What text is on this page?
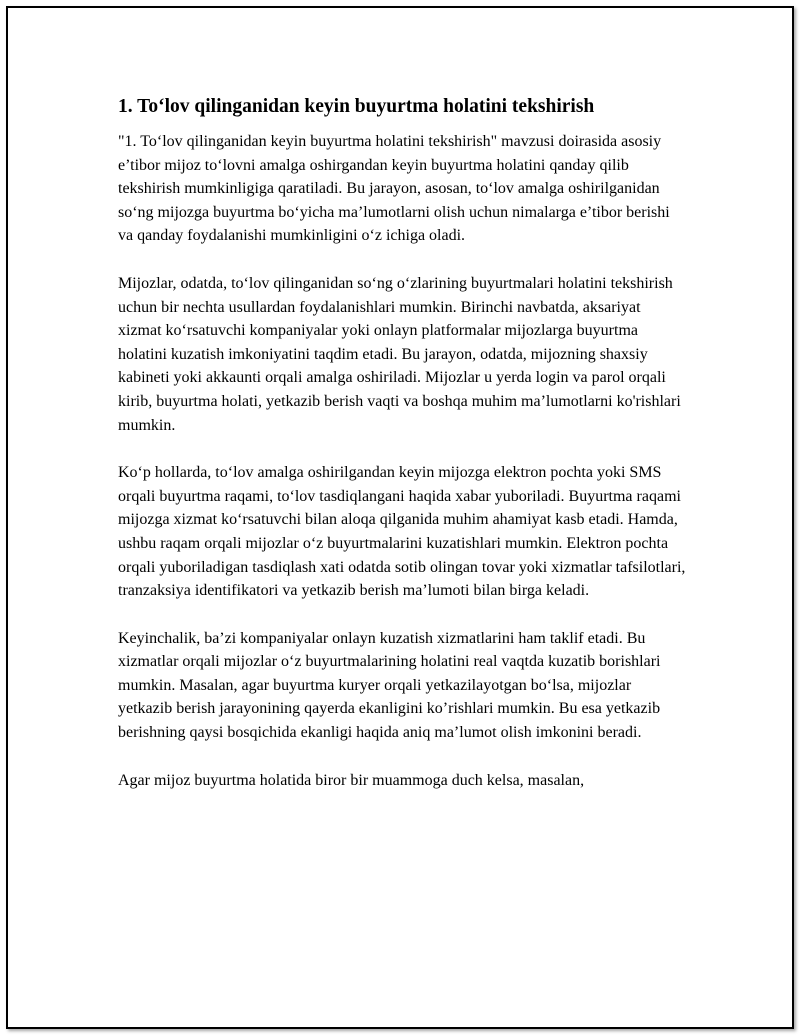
1. To‘lov qilinganidan keyin buyurtma holatini tekshirish

"1. To‘lov qilinganidan keyin buyurtma holatini tekshirish" mavzusi doirasida asosiy e’tibor mijoz to‘lovni amalga oshirgandan keyin buyurtma holatini qanday qilib tekshirish mumkinligiga qaratiladi. Bu jarayon, asosan, to‘lov amalga oshirilganidan so‘ng mijozga buyurtma bo‘yicha ma’lumotlarni olish uchun nimalarga e’tibor berishi va qanday foydalanishi mumkinligini o‘z ichiga oladi.

Mijozlar, odatda, to‘lov qilinganidan so‘ng o‘zlarining buyurtmalari holatini tekshirish uchun bir nechta usullardan foydalanishlari mumkin. Birinchi navbatda, aksariyat xizmat ko‘rsatuvchi kompaniyalar yoki onlayn platformalar mijozlarga buyurtma holatini kuzatish imkoniyatini taqdim etadi. Bu jarayon, odatda, mijozning shaxsiy kabineti yoki akkaunti orqali amalga oshiriladi. Mijozlar u yerda login va parol orqali kirib, buyurtma holati, yetkazib berish vaqti va boshqa muhim ma’lumotlarni ko'rishlari mumkin.

Ko‘p hollarda, to‘lov amalga oshirilgandan keyin mijozga elektron pochta yoki SMS orqali buyurtma raqami, to‘lov tasdiqlangani haqida xabar yuboriladi. Buyurtma raqami mijozga xizmat ko‘rsatuvchi bilan aloqa qilganida muhim ahamiyat kasb etadi. Hamda, ushbu raqam orqali mijozlar o‘z buyurtmalarini kuzatishlari mumkin. Elektron pochta orqali yuboriladigan tasdiqlash xati odatda sotib olingan tovar yoki xizmatlar tafsilotlari, tranzaksiya identifikatori va yetkazib berish ma’lumoti bilan birga keladi.

Keyinchalik, ba’zi kompaniyalar onlayn kuzatish xizmatlarini ham taklif etadi. Bu xizmatlar orqali mijozlar o‘z buyurtmalarining holatini real vaqtda kuzatib borishlari mumkin. Masalan, agar buyurtma kuryer orqali yetkazilayotgan bo‘lsa, mijozlar yetkazib berish jarayonining qayerda ekanligini ko’rishlari mumkin. Bu esa yetkazib berishning qaysi bosqichida ekanligi haqida aniq ma’lumot olish imkonini beradi.

Agar mijoz buyurtma holatida biror bir muammoga duch kelsa, masalan,
